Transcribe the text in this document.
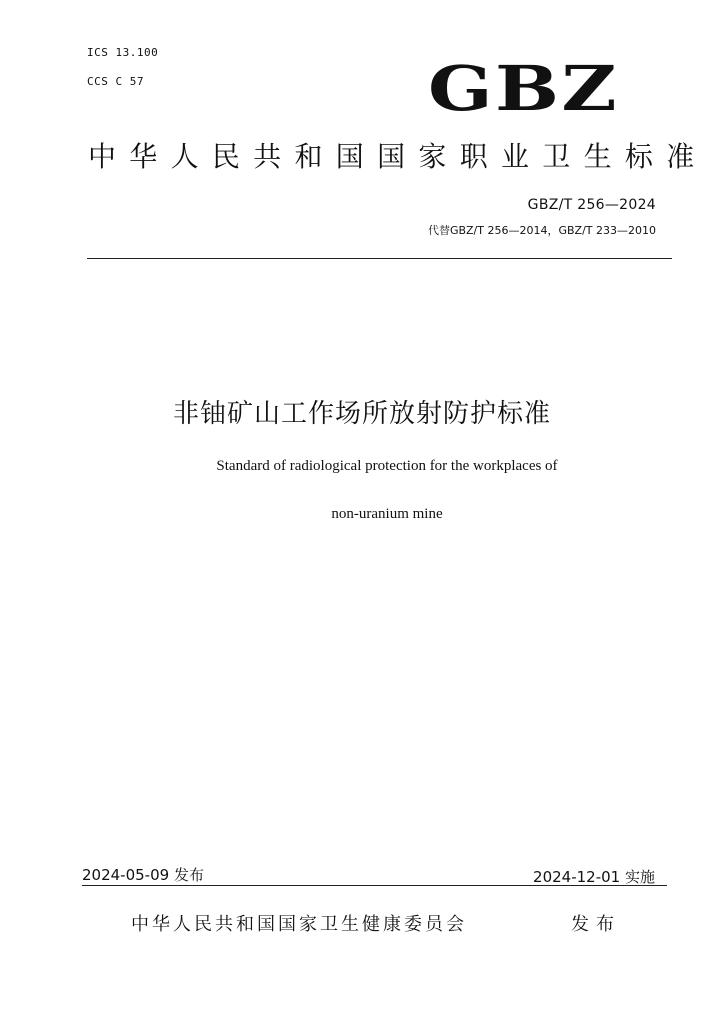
ICS 13.100
CCS C 57	GBZ
中华人民共和国国家职业卫生标准
GBZ/T 256—2024
代替GBZ/T 256—2014，GBZ/T 233—2010
非铀矿山工作场所放射防护标准
Standard of radiological protection for the workplaces of
non-uranium mine
2024-05-09 发布	2024-12-01 实施
中华人民共和国国家卫生健康委员会	发布
